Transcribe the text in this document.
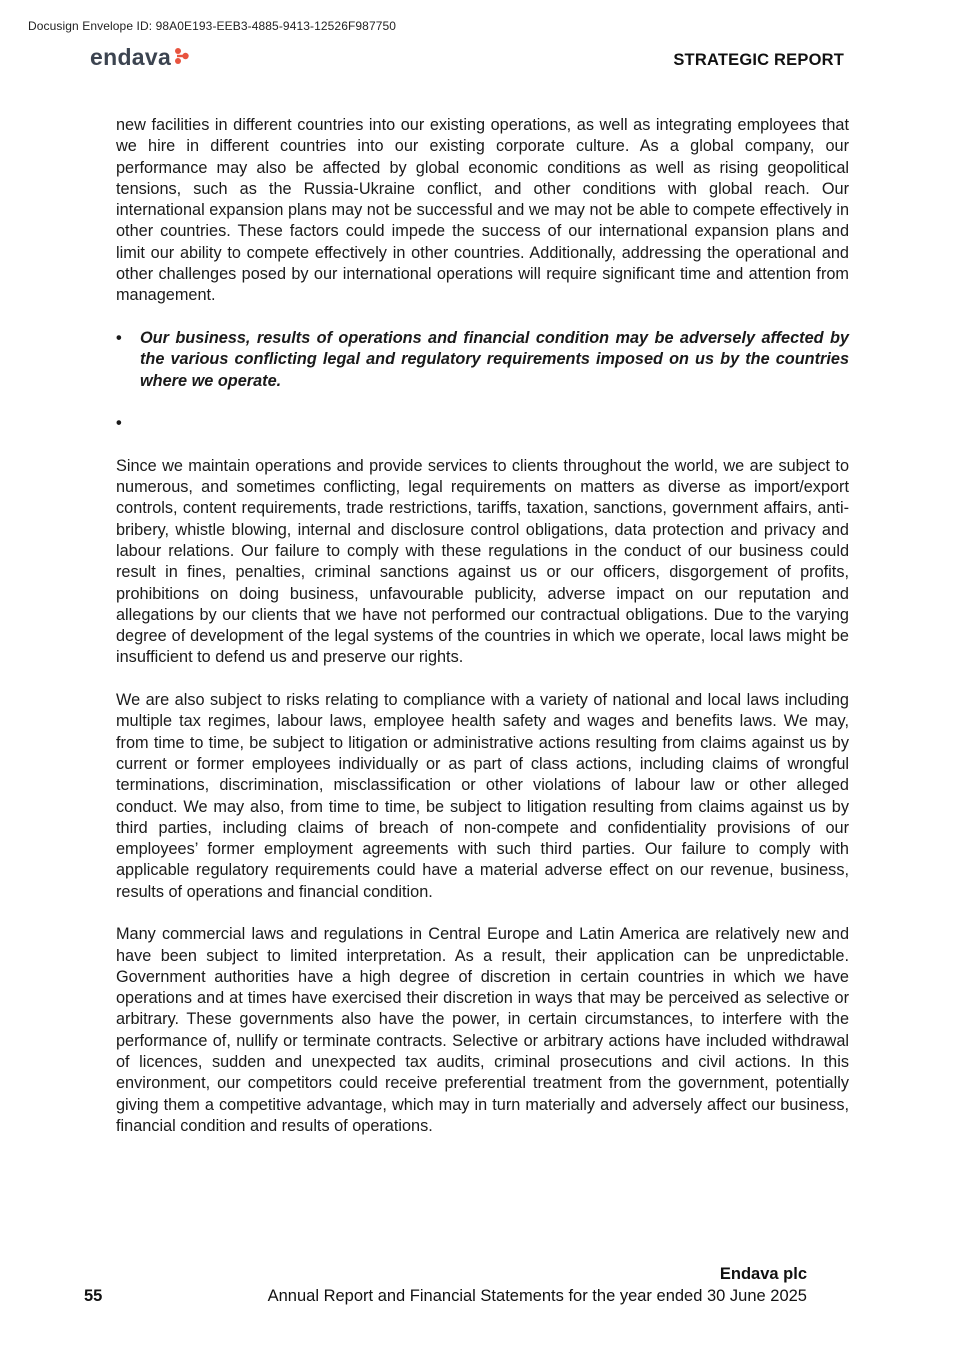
Docusign Envelope ID: 98A0E193-EEB3-4885-9413-12526F987750
endava	STRATEGIC REPORT

new facilities in different countries into our existing operations, as well as integrating employees that we hire in different countries into our existing corporate culture. As a global company, our performance may also be affected by global economic conditions as well as rising geopolitical tensions, such as the Russia-Ukraine conflict, and other conditions with global reach. Our international expansion plans may not be successful and we may not be able to compete effectively in other countries. These factors could impede the success of our international expansion plans and limit our ability to compete effectively in other countries. Additionally, addressing the operational and other challenges posed by our international operations will require significant time and attention from management.

•	Our business, results of operations and financial condition may be adversely affected by the various conflicting legal and regulatory requirements imposed on us by the countries where we operate.
•

Since we maintain operations and provide services to clients throughout the world, we are subject to numerous, and sometimes conflicting, legal requirements on matters as diverse as import/export controls, content requirements, trade restrictions, tariffs, taxation, sanctions, government affairs, anti-bribery, whistle blowing, internal and disclosure control obligations, data protection and privacy and labour relations. Our failure to comply with these regulations in the conduct of our business could result in fines, penalties, criminal sanctions against us or our officers, disgorgement of profits, prohibitions on doing business, unfavourable publicity, adverse impact on our reputation and allegations by our clients that we have not performed our contractual obligations. Due to the varying degree of development of the legal systems of the countries in which we operate, local laws might be insufficient to defend us and preserve our rights.

We are also subject to risks relating to compliance with a variety of national and local laws including multiple tax regimes, labour laws, employee health safety and wages and benefits laws. We may, from time to time, be subject to litigation or administrative actions resulting from claims against us by current or former employees individually or as part of class actions, including claims of wrongful terminations, discrimination, misclassification or other violations of labour law or other alleged conduct. We may also, from time to time, be subject to litigation resulting from claims against us by third parties, including claims of breach of non-compete and confidentiality provisions of our employees’ former employment agreements with such third parties. Our failure to comply with applicable regulatory requirements could have a material adverse effect on our revenue, business, results of operations and financial condition.

Many commercial laws and regulations in Central Europe and Latin America are relatively new and have been subject to limited interpretation. As a result, their application can be unpredictable. Government authorities have a high degree of discretion in certain countries in which we have operations and at times have exercised their discretion in ways that may be perceived as selective or arbitrary. These governments also have the power, in certain circumstances, to interfere with the performance of, nullify or terminate contracts. Selective or arbitrary actions have included withdrawal of licences, sudden and unexpected tax audits, criminal prosecutions and civil actions. In this environment, our competitors could receive preferential treatment from the government, potentially giving them a competitive advantage, which may in turn materially and adversely affect our business, financial condition and results of operations.

Endava plc
55	Annual Report and Financial Statements for the year ended 30 June 2025
